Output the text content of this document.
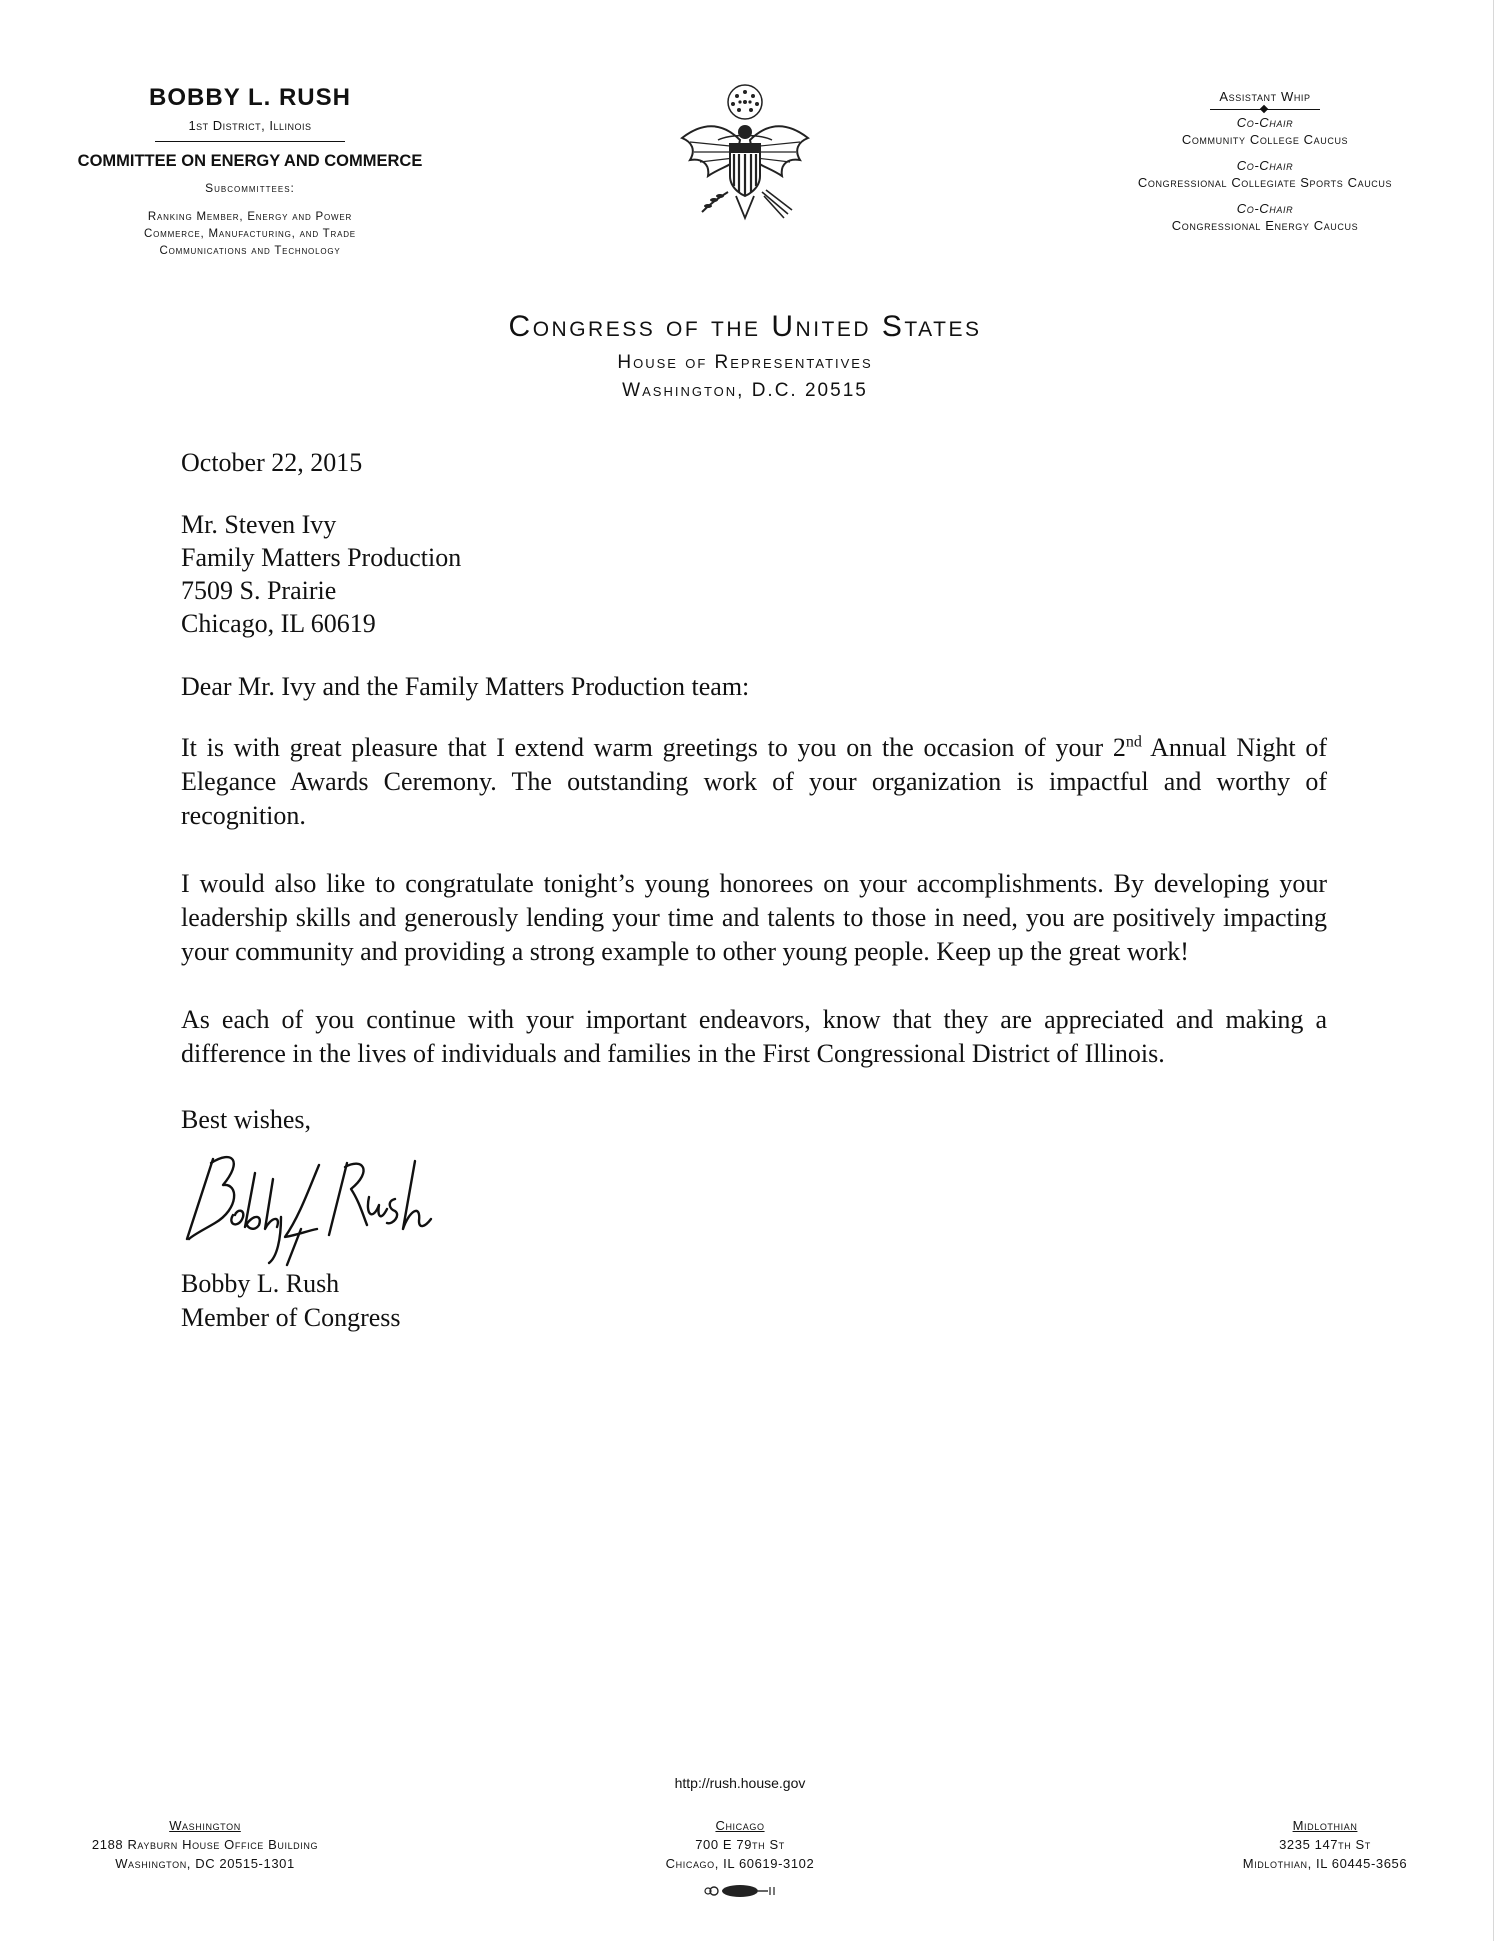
BOBBY L. RUSH
1st District, Illinois
COMMITTEE ON ENERGY AND COMMERCE
Subcommittees:
Ranking Member, Energy and Power
Commerce, Manufacturing, and Trade
Communications and Technology
Congress of the United States
House of Representatives
Washington, D.C. 20515
Assistant Whip
Co-Chair
Community College Caucus
Co-Chair
Congressional Collegiate Sports Caucus
Co-Chair
Congressional Energy Caucus

October 22, 2015

Mr. Steven Ivy
Family Matters Production
7509 S. Prairie
Chicago, IL 60619

Dear Mr. Ivy and the Family Matters Production team:

It is with great pleasure that I extend warm greetings to you on the occasion of your 2nd Annual Night of Elegance Awards Ceremony. The outstanding work of your organization is impactful and worthy of recognition.

I would also like to congratulate tonight’s young honorees on your accomplishments. By developing your leadership skills and generously lending your time and talents to those in need, you are positively impacting your community and providing a strong example to other young people. Keep up the great work!

As each of you continue with your important endeavors, know that they are appreciated and making a difference in the lives of individuals and families in the First Congressional District of Illinois.

Best wishes,

Bobby L. Rush
Member of Congress
http://rush.house.gov
Washington
2188 Rayburn House Office Building
Washington, DC 20515-1301
Chicago
700 E 79th St
Chicago, IL 60619-3102
Midlothian
3235 147th St
Midlothian, IL 60445-3656
